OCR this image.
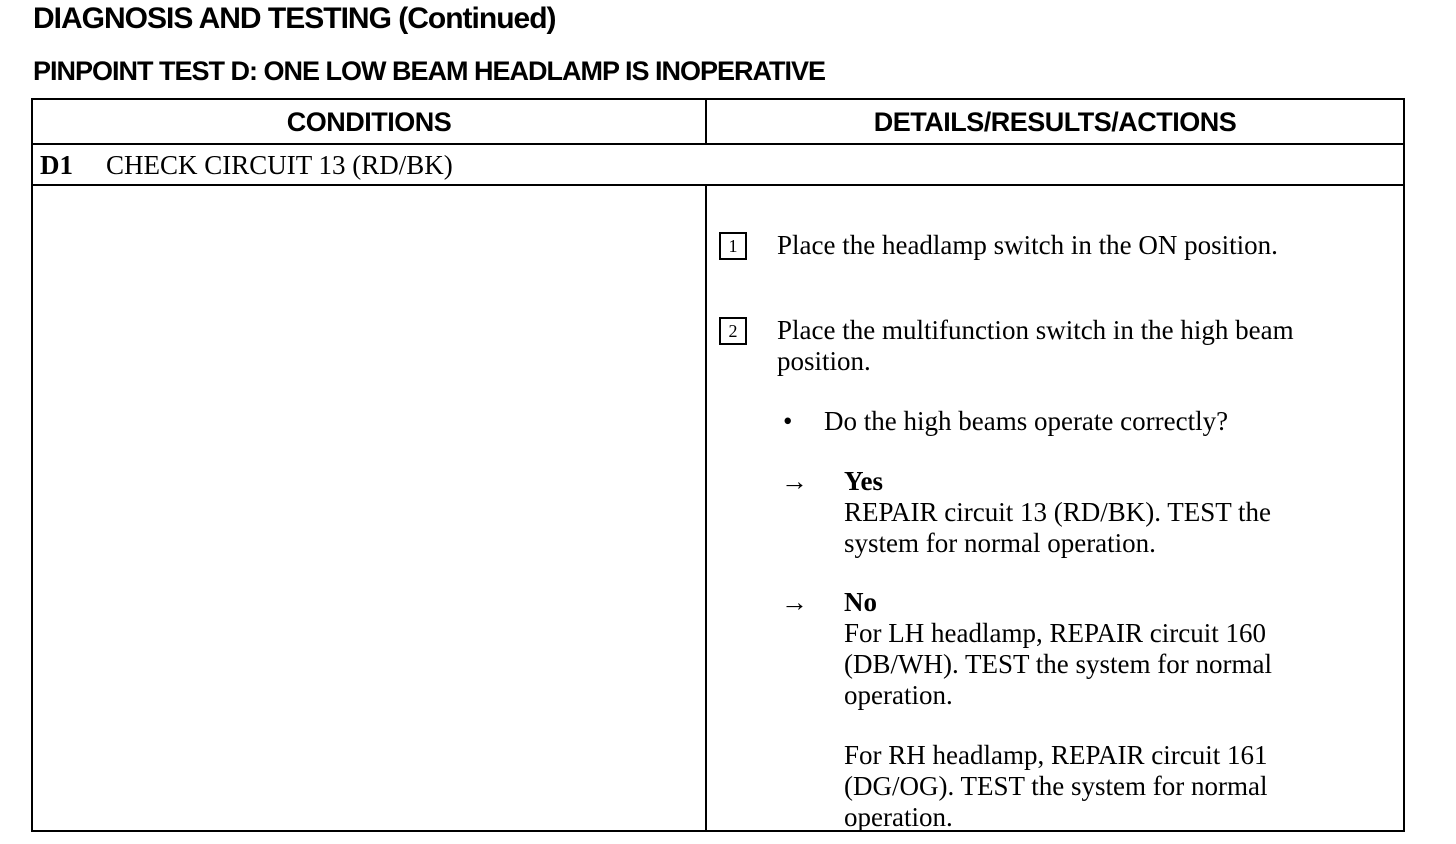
DIAGNOSIS AND TESTING (Continued)
PINPOINT TEST D: ONE LOW BEAM HEADLAMP IS INOPERATIVE
CONDITIONS	DETAILS/RESULTS/ACTIONS
D1 CHECK CIRCUIT 13 (RD/BK)
1	Place the headlamp switch in the ON position.
2	Place the multifunction switch in the high beam
position.
• Do the high beams operate correctly?
→ Yes
REPAIR circuit 13 (RD/BK). TEST the
system for normal operation.
→ No
For LH headlamp, REPAIR circuit 160
(DB/WH). TEST the system for normal
operation.
For RH headlamp, REPAIR circuit 161
(DG/OG). TEST the system for normal
operation.
